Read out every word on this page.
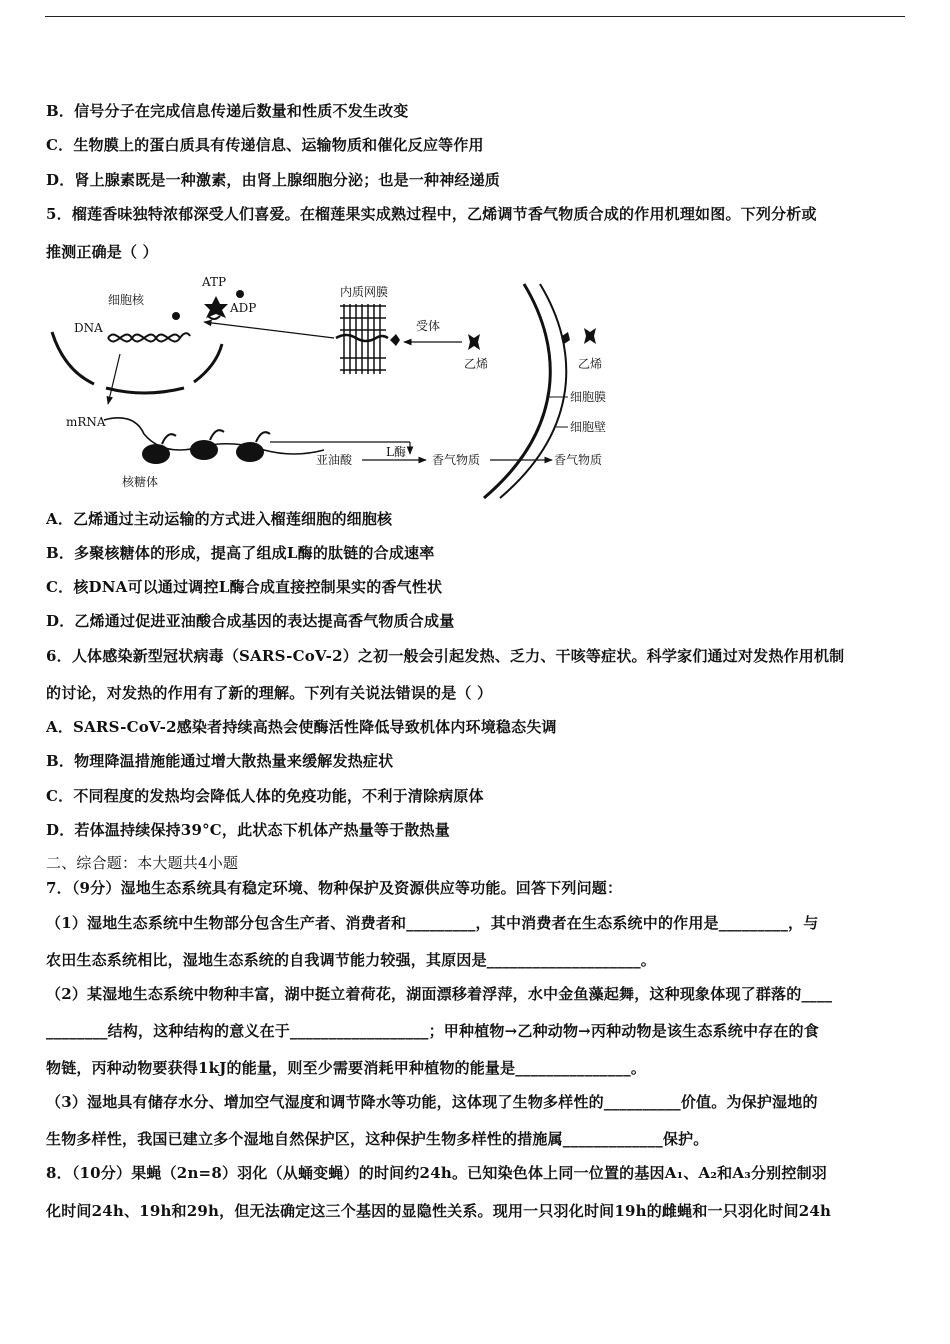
B．信号分子在完成信息传递后数量和性质不发生改变
C．生物膜上的蛋白质具有传递信息、运输物质和催化反应等作用
D．肾上腺素既是一种激素，由肾上腺细胞分泌；也是一种神经递质
5．榴莲香味独特浓郁深受人们喜爱。在榴莲果实成熟过程中，乙烯调节香气物质合成的作用机理如图。下列分析或
推测正确是（ ）
A．乙烯通过主动运输的方式进入榴莲细胞的细胞核
B．多聚核糖体的形成，提高了组成L酶的肽链的合成速率
C．核DNA可以通过调控L酶合成直接控制果实的香气性状
D．乙烯通过促进亚油酸合成基因的表达提高香气物质合成量
6．人体感染新型冠状病毒（SARS-CoV-2）之初一般会引起发热、乏力、干咳等症状。科学家们通过对发热作用机制
的讨论，对发热的作用有了新的理解。下列有关说法错误的是（ ）
A．SARS-CoV-2感染者持续高热会使酶活性降低导致机体内环境稳态失调
B．物理降温措施能通过增大散热量来缓解发热症状
C．不同程度的发热均会降低人体的免疫功能，不利于清除病原体
D．若体温持续保持39°C，此状态下机体产热量等于散热量
二、综合题：本大题共4小题
7．（9分）湿地生态系统具有稳定环境、物种保护及资源供应等功能。回答下列问题：
（1）湿地生态系统中生物部分包含生产者、消费者和_________，其中消费者在生态系统中的作用是_________，与
农田生态系统相比，湿地生态系统的自我调节能力较强，其原因是____________________。
（2）某湿地生态系统中物种丰富，湖中挺立着荷花，湖面漂移着浮萍，水中金鱼藻起舞，这种现象体现了群落的____
________结构，这种结构的意义在于__________________；甲种植物→乙种动物→丙种动物是该生态系统中存在的食
物链，丙种动物要获得1kJ的能量，则至少需要消耗甲种植物的能量是_______________。
（3）湿地具有储存水分、增加空气湿度和调节降水等功能，这体现了生物多样性的__________价值。为保护湿地的
生物多样性，我国已建立多个湿地自然保护区，这种保护生物多样性的措施属_____________保护。
8．（10分）果蝇（2n=8）羽化（从蛹变蝇）的时间约24h。已知染色体上同一位置的基因A₁、A₂和A₃分别控制羽
化时间24h、19h和29h，但无法确定这三个基因的显隐性关系。现用一只羽化时间19h的雌蝇和一只羽化时间24h
细胞核
DNA
ATP
ADP
内质网膜
受体
乙烯	乙烯
mRNA
核糖体
亚油酸
L酶
香气物质	香气物质
细胞膜
细胞壁
